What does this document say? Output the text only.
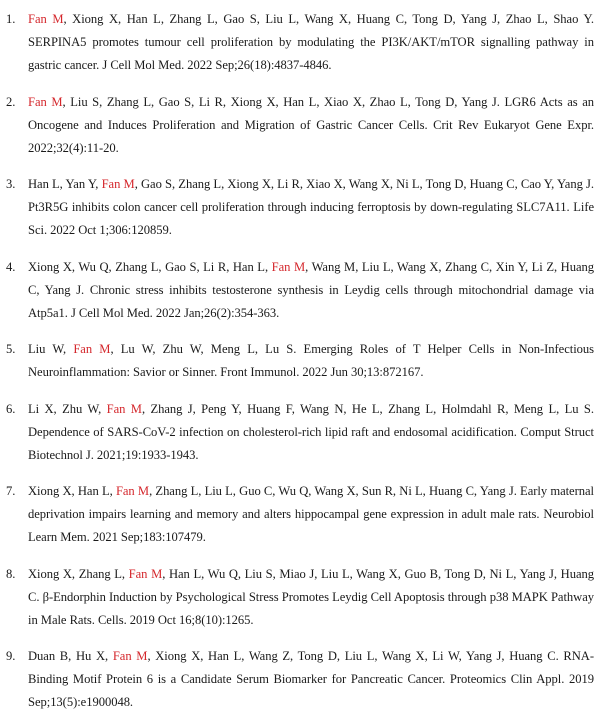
1. Fan M, Xiong X, Han L, Zhang L, Gao S, Liu L, Wang X, Huang C, Tong D, Yang J, Zhao L, Shao Y. SERPINA5 promotes tumour cell proliferation by modulating the PI3K/AKT/mTOR signalling pathway in gastric cancer. J Cell Mol Med. 2022 Sep;26(18):4837-4846.
2. Fan M, Liu S, Zhang L, Gao S, Li R, Xiong X, Han L, Xiao X, Zhao L, Tong D, Yang J. LGR6 Acts as an Oncogene and Induces Proliferation and Migration of Gastric Cancer Cells. Crit Rev Eukaryot Gene Expr. 2022;32(4):11-20.
3. Han L, Yan Y, Fan M, Gao S, Zhang L, Xiong X, Li R, Xiao X, Wang X, Ni L, Tong D, Huang C, Cao Y, Yang J. Pt3R5G inhibits colon cancer cell proliferation through inducing ferroptosis by down-regulating SLC7A11. Life Sci. 2022 Oct 1;306:120859.
4. Xiong X, Wu Q, Zhang L, Gao S, Li R, Han L, Fan M, Wang M, Liu L, Wang X, Zhang C, Xin Y, Li Z, Huang C, Yang J. Chronic stress inhibits testosterone synthesis in Leydig cells through mitochondrial damage via Atp5a1. J Cell Mol Med. 2022 Jan;26(2):354-363.
5. Liu W, Fan M, Lu W, Zhu W, Meng L, Lu S. Emerging Roles of T Helper Cells in Non-Infectious Neuroinflammation: Savior or Sinner. Front Immunol. 2022 Jun 30;13:872167.
6. Li X, Zhu W, Fan M, Zhang J, Peng Y, Huang F, Wang N, He L, Zhang L, Holmdahl R, Meng L, Lu S. Dependence of SARS-CoV-2 infection on cholesterol-rich lipid raft and endosomal acidification. Comput Struct Biotechnol J. 2021;19:1933-1943.
7. Xiong X, Han L, Fan M, Zhang L, Liu L, Guo C, Wu Q, Wang X, Sun R, Ni L, Huang C, Yang J. Early maternal deprivation impairs learning and memory and alters hippocampal gene expression in adult male rats. Neurobiol Learn Mem. 2021 Sep;183:107479.
8. Xiong X, Zhang L, Fan M, Han L, Wu Q, Liu S, Miao J, Liu L, Wang X, Guo B, Tong D, Ni L, Yang J, Huang C. β-Endorphin Induction by Psychological Stress Promotes Leydig Cell Apoptosis through p38 MAPK Pathway in Male Rats. Cells. 2019 Oct 16;8(10):1265.
9. Duan B, Hu X, Fan M, Xiong X, Han L, Wang Z, Tong D, Liu L, Wang X, Li W, Yang J, Huang C. RNA-Binding Motif Protein 6 is a Candidate Serum Biomarker for Pancreatic Cancer. Proteomics Clin Appl. 2019 Sep;13(5):e1900048.
